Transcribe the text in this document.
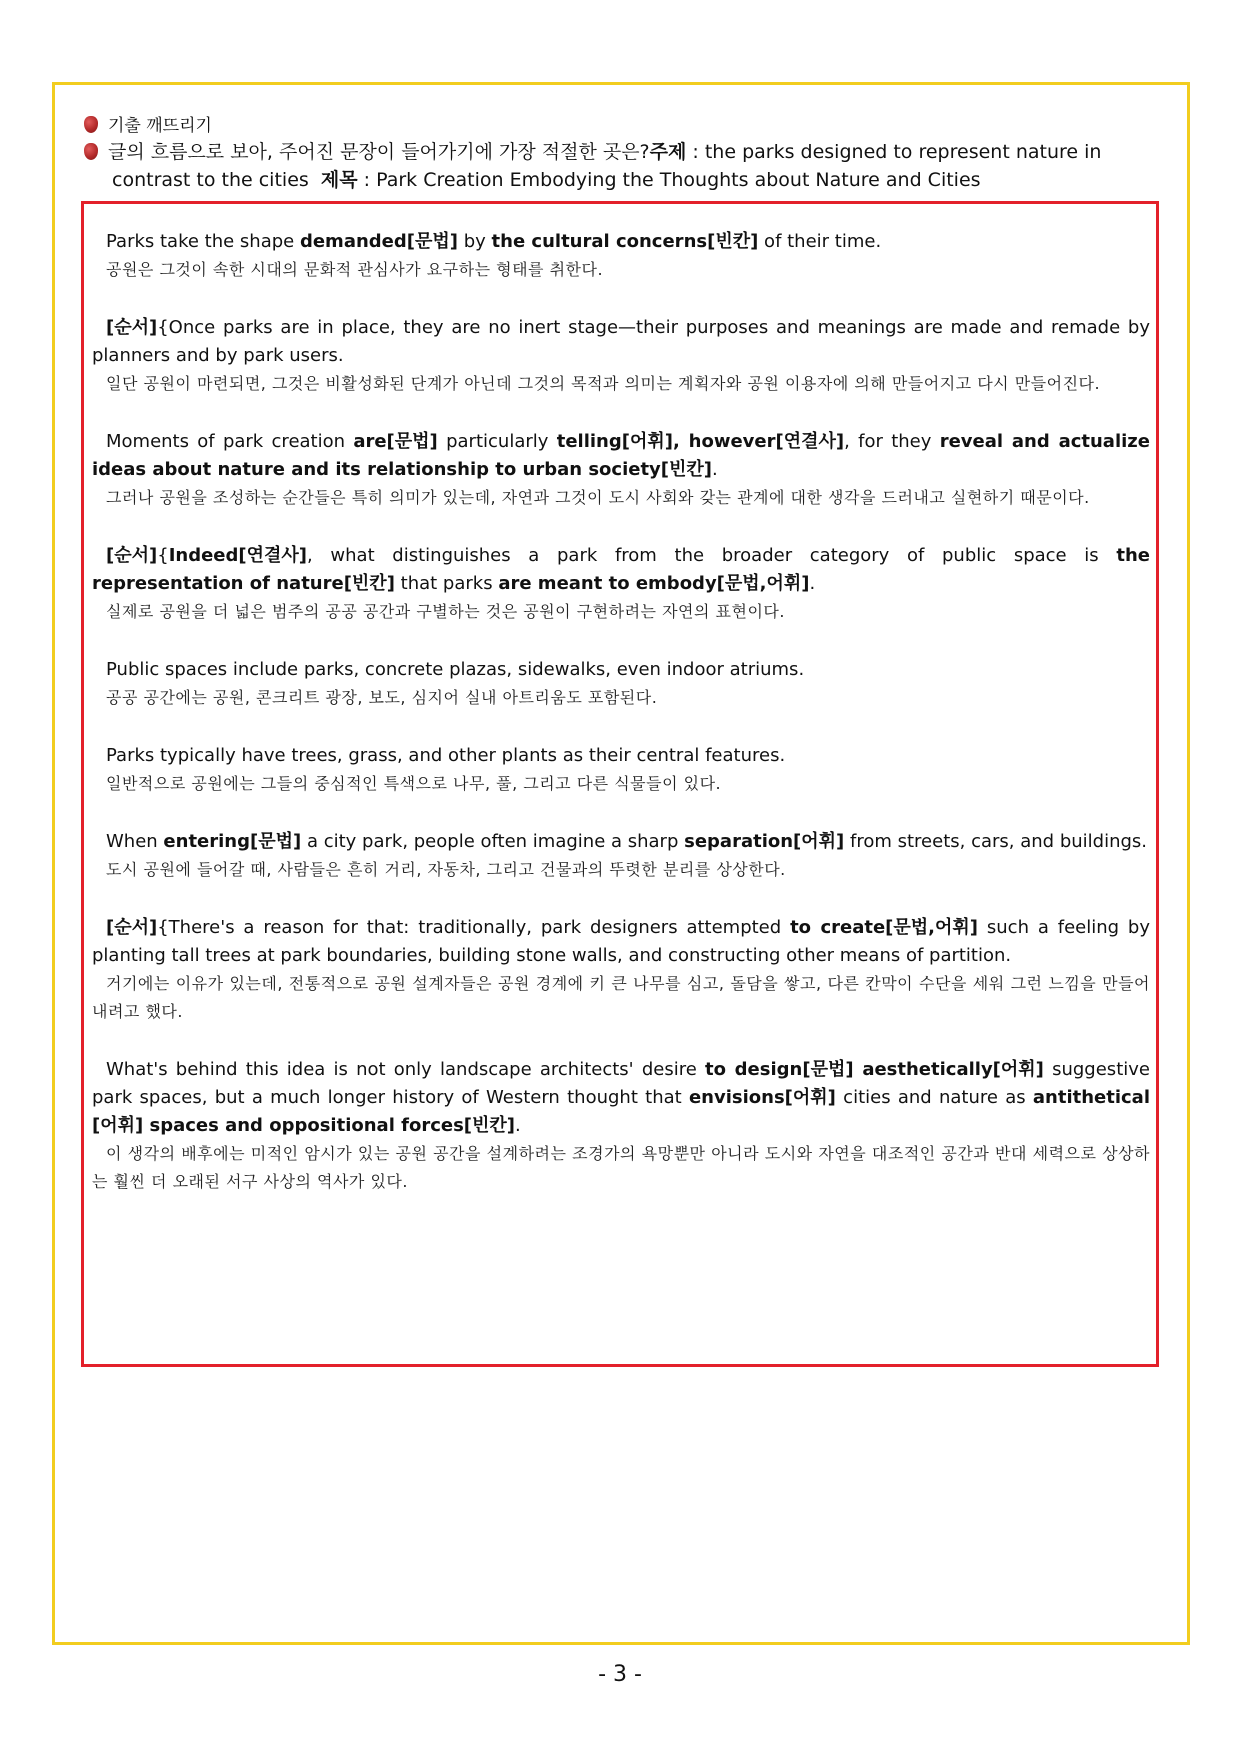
기출 깨뜨리기
글의 흐름으로 보아, 주어진 문장이 들어가기에 가장 적절한 곳은?주제 : the parks designed to represent nature in
contrast to the cities 제목 : Park Creation Embodying the Thoughts about Nature and Cities

Parks take the shape demanded[문법] by the cultural concerns[빈칸] of their time.

공원은 그것이 속한 시대의 문화적 관심사가 요구하는 형태를 취한다.

[순서]{Once parks are in place, they are no inert stage—their purposes and meanings are made and remade by planners and by park users.

일단 공원이 마련되면, 그것은 비활성화된 단계가 아닌데 그것의 목적과 의미는 계획자와 공원 이용자에 의해 만들어지고 다시 만들어진다.

Moments of park creation are[문법] particularly telling[어휘], however[연결사], for they reveal and actualize ideas about nature and its relationship to urban society[빈칸].

그러나 공원을 조성하는 순간들은 특히 의미가 있는데, 자연과 그것이 도시 사회와 갖는 관계에 대한 생각을 드러내고 실현하기 때문이다.

[순서]{Indeed[연결사], what distinguishes a park from the broader category of public space is the representation of nature[빈칸] that parks are meant to embody[문법,어휘].

실제로 공원을 더 넓은 범주의 공공 공간과 구별하는 것은 공원이 구현하려는 자연의 표현이다.

Public spaces include parks, concrete plazas, sidewalks, even indoor atriums.

공공 공간에는 공원, 콘크리트 광장, 보도, 심지어 실내 아트리움도 포함된다.

Parks typically have trees, grass, and other plants as their central features.

일반적으로 공원에는 그들의 중심적인 특색으로 나무, 풀, 그리고 다른 식물들이 있다.

When entering[문법] a city park, people often imagine a sharp separation[어휘] from streets, cars, and buildings.

도시 공원에 들어갈 때, 사람들은 흔히 거리, 자동차, 그리고 건물과의 뚜렷한 분리를 상상한다.

[순서]{There's a reason for that: traditionally, park designers attempted to create[문법,어휘] such a feeling by planting tall trees at park boundaries, building stone walls, and constructing other means of partition.

거기에는 이유가 있는데, 전통적으로 공원 설계자들은 공원 경계에 키 큰 나무를 심고, 돌담을 쌓고, 다른 칸막이 수단을 세워 그런 느낌을 만들어 내려고 했다.

What's behind this idea is not only landscape architects' desire to design[문법] aesthetically[어휘] suggestive park spaces, but a much longer history of Western thought that envisions[어휘] cities and nature as antithetical [어휘] spaces and oppositional forces[빈칸].

이 생각의 배후에는 미적인 암시가 있는 공원 공간을 설계하려는 조경가의 욕망뿐만 아니라 도시와 자연을 대조적인 공간과 반대 세력으로 상상하는 훨씬 더 오래된 서구 사상의 역사가 있다.

- 3 -
